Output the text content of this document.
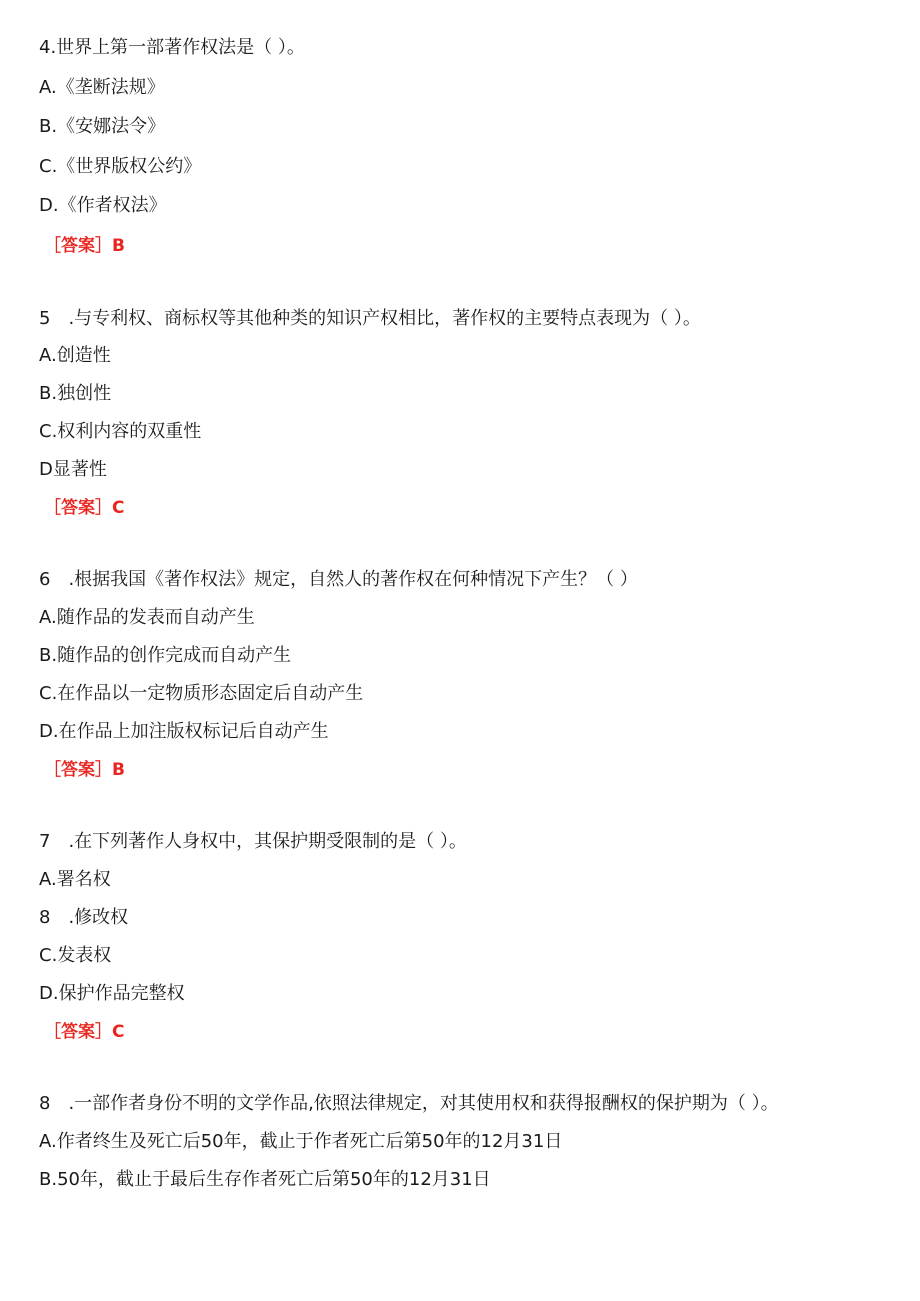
4.世界上第一部著作权法是（ ）。
A.《垄断法规》
B.《安娜法令》
C.《世界版权公约》
D.《作者权法》
［答案］B
5　.与专利权、商标权等其他种类的知识产权相比，著作权的主要特点表现为（ ）。
A.创造性
B.独创性
C.权利内容的双重性
D显著性
［答案］C
6　.根据我国《著作权法》规定，自然人的著作权在何种情况下产生？（ ）
A.随作品的发表而自动产生
B.随作品的创作完成而自动产生
C.在作品以一定物质形态固定后自动产生
D.在作品上加注版权标记后自动产生
［答案］B
7　.在下列著作人身权中，其保护期受限制的是（ ）。
A.署名权
8　.修改权
C.发表权
D.保护作品完整权
［答案］C
8　.一部作者身份不明的文学作品,依照法律规定，对其使用权和获得报酬权的保护期为（ ）。
A.作者终生及死亡后50年，截止于作者死亡后第50年的12月31日
B.50年，截止于最后生存作者死亡后第50年的12月31日
